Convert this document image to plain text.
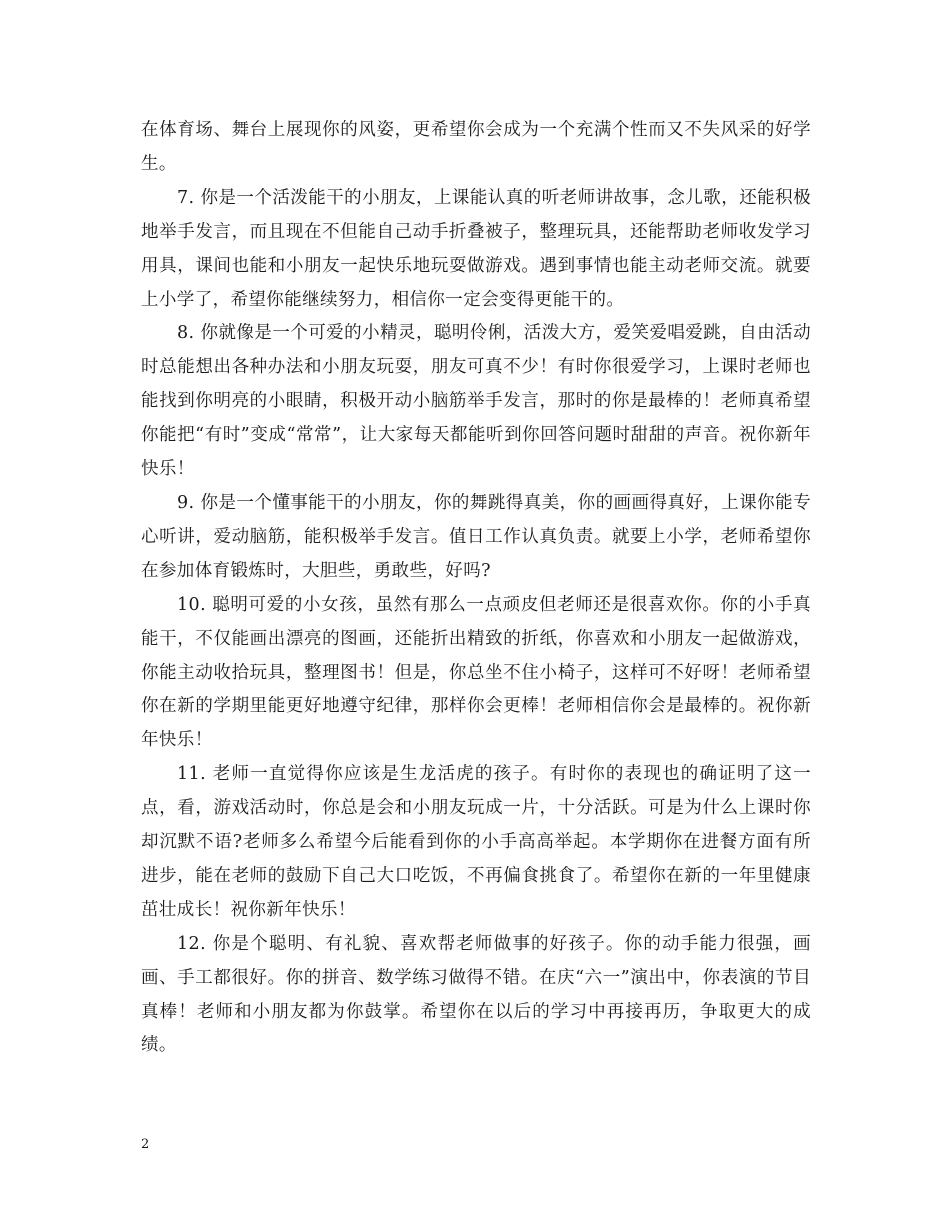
在体育场、舞台上展现你的风姿，更希望你会成为一个充满个性而又不失风采的好学生。

7. 你是一个活泼能干的小朋友，上课能认真的听老师讲故事，念儿歌，还能积极地举手发言，而且现在不但能自己动手折叠被子，整理玩具，还能帮助老师收发学习用具，课间也能和小朋友一起快乐地玩耍做游戏。遇到事情也能主动老师交流。就要上小学了，希望你能继续努力，相信你一定会变得更能干的。

8. 你就像是一个可爱的小精灵，聪明伶俐，活泼大方，爱笑爱唱爱跳，自由活动时总能想出各种办法和小朋友玩耍，朋友可真不少！有时你很爱学习，上课时老师也能找到你明亮的小眼睛，积极开动小脑筋举手发言，那时的你是最棒的！老师真希望你能把“有时”变成“常常”，让大家每天都能听到你回答问题时甜甜的声音。祝你新年快乐！

9. 你是一个懂事能干的小朋友，你的舞跳得真美，你的画画得真好，上课你能专心听讲，爱动脑筋，能积极举手发言。值日工作认真负责。就要上小学，老师希望你在参加体育锻炼时，大胆些，勇敢些，好吗?

10. 聪明可爱的小女孩，虽然有那么一点顽皮但老师还是很喜欢你。你的小手真能干，不仅能画出漂亮的图画，还能折出精致的折纸，你喜欢和小朋友一起做游戏，你能主动收拾玩具，整理图书！但是，你总坐不住小椅子，这样可不好呀！老师希望你在新的学期里能更好地遵守纪律，那样你会更棒！老师相信你会是最棒的。祝你新年快乐！

11. 老师一直觉得你应该是生龙活虎的孩子。有时你的表现也的确证明了这一点，看，游戏活动时，你总是会和小朋友玩成一片，十分活跃。可是为什么上课时你却沉默不语?老师多么希望今后能看到你的小手高高举起。本学期你在进餐方面有所进步，能在老师的鼓励下自己大口吃饭，不再偏食挑食了。希望你在新的一年里健康茁壮成长！祝你新年快乐！

12. 你是个聪明、有礼貌、喜欢帮老师做事的好孩子。你的动手能力很强，画画、手工都很好。你的拼音、数学练习做得不错。在庆“六一”演出中，你表演的节目真棒！老师和小朋友都为你鼓掌。希望你在以后的学习中再接再历，争取更大的成绩。

2
